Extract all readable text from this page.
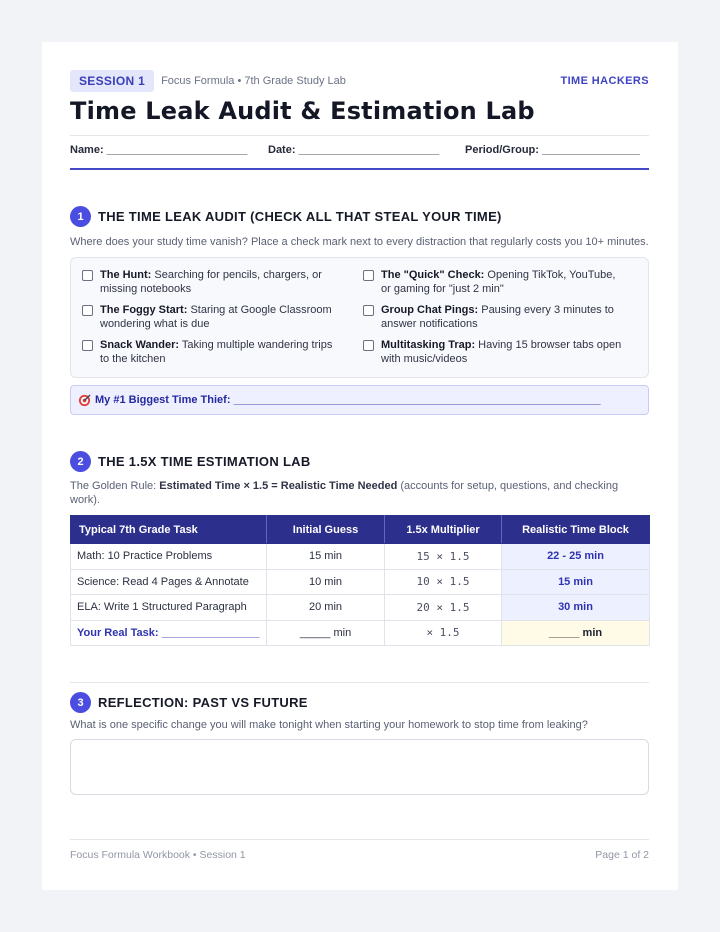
SESSION 1	Focus Formula • 7th Grade Study Lab	TIME HACKERS
Time Leak Audit & Estimation Lab
Name: _______________________	Date: _______________________	Period/Group: ________________
1	THE TIME LEAK AUDIT (CHECK ALL THAT STEAL YOUR TIME)

Where does your study time vanish? Place a check mark next to every distraction that regularly costs you 10+ minutes.

The Hunt: Searching for pencils, chargers, or missing notebooks
The "Quick" Check: Opening TikTok, YouTube, or gaming for "just 2 min"
The Foggy Start: Staring at Google Classroom wondering what is due
Group Chat Pings: Pausing every 3 minutes to answer notifications
Snack Wander: Taking multiple wandering trips to the kitchen
Multitasking Trap: Having 15 browser tabs open with music/videos
My #1 Biggest Time Thief: ____________________________________________________________
2	THE 1.5X TIME ESTIMATION LAB

The Golden Rule: Estimated Time × 1.5 = Realistic Time Needed (accounts for setup, questions, and checking work).

Typical 7th Grade Task	Initial Guess	1.5x Multiplier	Realistic Time Block
Math: 10 Practice Problems	15 min	15 × 1.5	22 - 25 min
Science: Read 4 Pages & Annotate	10 min	10 × 1.5	15 min
ELA: Write 1 Structured Paragraph	20 min	20 × 1.5	30 min
Your Real Task: ________________	_____ min	× 1.5	_____ min
3	REFLECTION: PAST VS FUTURE

What is one specific change you will make tonight when starting your homework to stop time from leaking?

Focus Formula Workbook • Session 1	Page 1 of 2
